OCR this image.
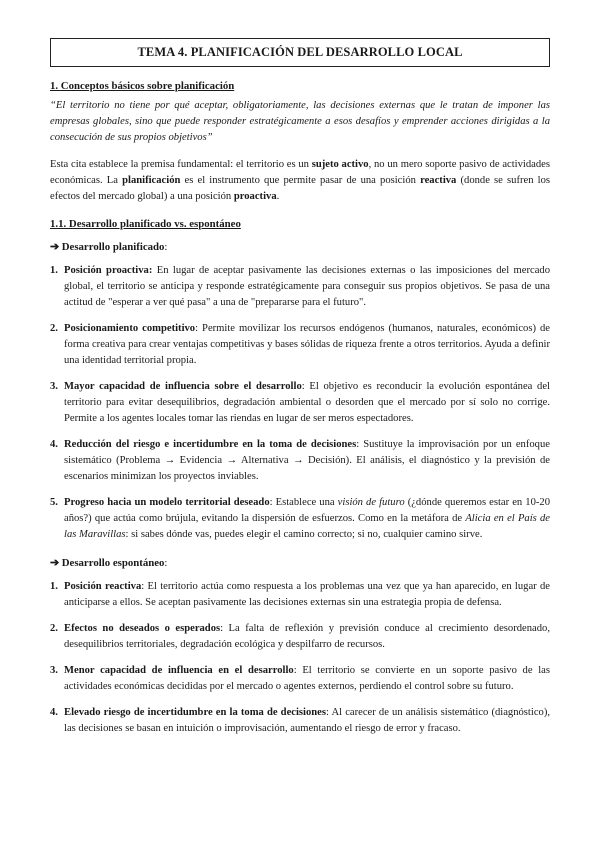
TEMA 4. PLANIFICACIÓN DEL DESARROLLO LOCAL

1. Conceptos básicos sobre planificación

“El territorio no tiene por qué aceptar, obligatoriamente, las decisiones externas que le tratan de imponer las empresas globales, sino que puede responder estratégicamente a esos desafíos y emprender acciones dirigidas a la consecución de sus propios objetivos”

Esta cita establece la premisa fundamental: el territorio es un sujeto activo, no un mero soporte pasivo de actividades económicas. La planificación es el instrumento que permite pasar de una posición reactiva (donde se sufren los efectos del mercado global) a una posición proactiva.

1.1. Desarrollo planificado vs. espontáneo

➔ Desarrollo planificado:

1. Posición proactiva: En lugar de aceptar pasivamente las decisiones externas o las imposiciones del mercado global, el territorio se anticipa y responde estratégicamente para conseguir sus propios objetivos. Se pasa de una actitud de "esperar a ver qué pasa" a una de "prepararse para el futuro".
2. Posicionamiento competitivo: Permite movilizar los recursos endógenos (humanos, naturales, económicos) de forma creativa para crear ventajas competitivas y bases sólidas de riqueza frente a otros territorios. Ayuda a definir una identidad territorial propia.
3. Mayor capacidad de influencia sobre el desarrollo: El objetivo es reconducir la evolución espontánea del territorio para evitar desequilibrios, degradación ambiental o desorden que el mercado por sí solo no corrige. Permite a los agentes locales tomar las riendas en lugar de ser meros espectadores.
4. Reducción del riesgo e incertidumbre en la toma de decisiones: Sustituye la improvisación por un enfoque sistemático (Problema → Evidencia → Alternativa → Decisión). El análisis, el diagnóstico y la previsión de escenarios minimizan los proyectos inviables.
5. Progreso hacia un modelo territorial deseado: Establece una visión de futuro (¿dónde queremos estar en 10-20 años?) que actúa como brújula, evitando la dispersión de esfuerzos. Como en la metáfora de Alicia en el País de las Maravillas: si sabes dónde vas, puedes elegir el camino correcto; si no, cualquier camino sirve.

➔ Desarrollo espontáneo:

1. Posición reactiva: El territorio actúa como respuesta a los problemas una vez que ya han aparecido, en lugar de anticiparse a ellos. Se aceptan pasivamente las decisiones externas sin una estrategia propia de defensa.
2. Efectos no deseados o esperados: La falta de reflexión y previsión conduce al crecimiento desordenado, desequilibrios territoriales, degradación ecológica y despilfarro de recursos.
3. Menor capacidad de influencia en el desarrollo: El territorio se convierte en un soporte pasivo de las actividades económicas decididas por el mercado o agentes externos, perdiendo el control sobre su futuro.
4. Elevado riesgo de incertidumbre en la toma de decisiones: Al carecer de un análisis sistemático (diagnóstico), las decisiones se basan en intuición o improvisación, aumentando el riesgo de error y fracaso.
